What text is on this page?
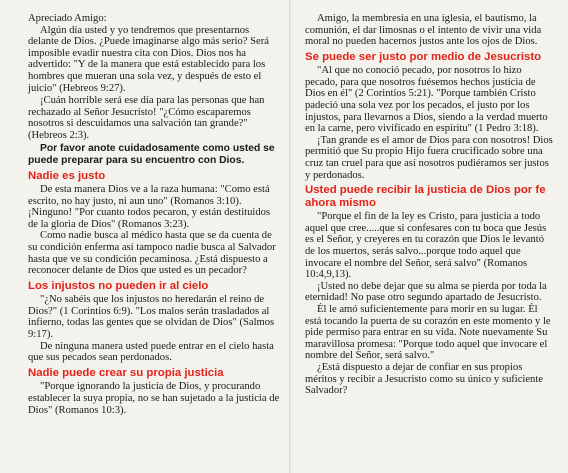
Apreciado Amigo:

Algún día usted y yo tendremos que presentarnos delante de Dios. ¿Puede imaginarse algo más serio? Será imposible evadir nuestra cita con Dios. Dios nos ha advertido: "Y de la manera que está establecido para los hombres que mueran una sola vez, y después de esto el juicio" (Hebreos 9:27).

¡Cuán horrible será ese día para las personas que han rechazado al Señor Jesucristo! "¿Cómo escaparemos nosotros si descuidamos una salvación tan grande?" (Hebreos 2:3).

Por favor anote cuidadosamente como usted se puede preparar para su encuentro con Dios.

Nadie es justo

De esta manera Dios ve a la raza humana: "Como está escrito, no hay justo, ni aun uno" (Romanos 3:10). ¡Ninguno! "Por cuanto todos pecaron, y están destituidos de la gloria de Dios" (Romanos 3:23).

Como nadie busca al médico hasta que se da cuenta de su condición enferma así tampoco nadie busca al Salvador hasta que ve su condición pecaminosa. ¿Está dispuesto a reconocer delante de Dios que usted es un pecador?

Los injustos no pueden ir al cielo

"¿No sabéis que los injustos no heredarán el reino de Dios?" (1 Corintios 6:9). "Los malos serán trasladados al infierno, todas las gentes que se olvidan de Dios" (Salmos 9:17).

De ninguna manera usted puede entrar en el cielo hasta que sus pecados sean perdonados.

Nadie puede crear su propia justicia

"Porque ignorando la justicia de Dios, y procurando establecer la suya propia, no se han sujetado a la justicia de Dios" (Romanos 10:3).

Amigo, la membresía en una iglesia, el bautismo, la comunión, el dar limosnas o el intento de vivir una vida moral no pueden hacernos justos ante los ojos de Dios.

Se puede ser justo por medio de Jesucristo

"Al que no conoció pecado, por nosotros lo hizo pecado, para que nosotros fuésemos hechos justicia de Dios en él" (2 Corintios 5:21). "Porque también Cristo padeció una sola vez por los pecados, el justo por los injustos, para llevarnos a Dios, siendo a la verdad muerto en la carne, pero vivificado en espíritu" (1 Pedro 3:18).

¡Tan grande es el amor de Dios para con nosotros! Dios permitió que Su propio Hijo fuera crucificado sobre una cruz tan cruel para que así nosotros pudiéramos ser justos y perdonados.

Usted puede recibir la justicia de Dios por fe ahora mismo

"Porque el fin de la ley es Cristo, para justicia a todo aquel que cree.....que si confesares con tu boca que Jesús es el Señor, y creyeres en tu corazón que Dios le levantó de los muertos, serás salvo...porque todo aquel que invocare el nombre del Señor, será salvo" (Romanos 10:4,9,13).

¡Usted no debe dejar que su alma se pierda por toda la eternidad! No pase otro segundo apartado de Jesucristo.

Él le amó suficientemente para morir en su lugar. Él está tocando la puerta de su corazón en este momento y le pide permiso para entrar en su vida. Note nuevamente Su maravillosa promesa: "Porque todo aquel que invocare el nombre del Señor, será salvo."

¿Está dispuesto a dejar de confiar en sus propios méritos y recibir a Jesucristo como su único y suficiente Salvador?
